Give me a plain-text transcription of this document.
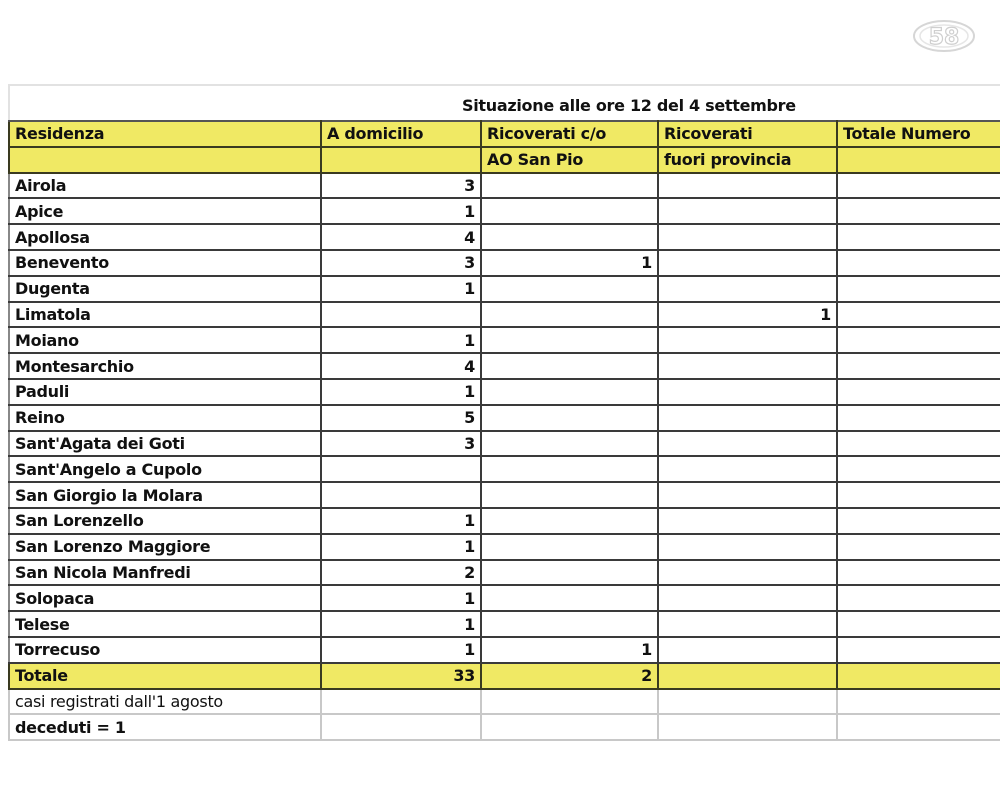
58
Situazione alle ore 12 del 4 settembre
Residenza	A domicilio	Ricoverati c/o	Ricoverati	Totale Numero
		AO San Pio	fuori provincia	
Airola	3			
Apice	1			
Apollosa	4			
Benevento	3	1		
Dugenta	1			
Limatola			1	
Moiano	1			
Montesarchio	4			
Paduli	1			
Reino	5			
Sant'Agata dei Goti	3			
Sant'Angelo a Cupolo				
San Giorgio la Molara				
San Lorenzello	1			
San Lorenzo Maggiore	1			
San Nicola Manfredi	2			
Solopaca	1			
Telese	1			
Torrecuso	1	1		
Totale	33	2		
casi registrati dall'1 agosto				
deceduti = 1				
